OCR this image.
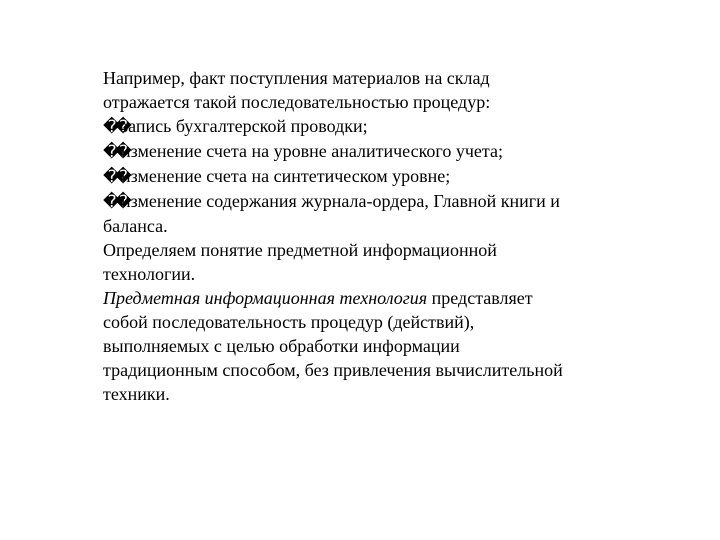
Например, факт поступления материалов на склад
отражается такой последовательностью процедур:
��запись бухгалтерской проводки;
��изменение счета на уровне аналитического учета;
��изменение счета на синтетическом уровне;
��изменение содержания журнала-ордера, Главной книги и
баланса.
Определяем понятие предметной информационной
технологии.
Предметная информационная технология представляет
собой последовательность процедур (действий),
выполняемых с целью обработки информации
традиционным способом, без привлечения вычислительной
техники.
